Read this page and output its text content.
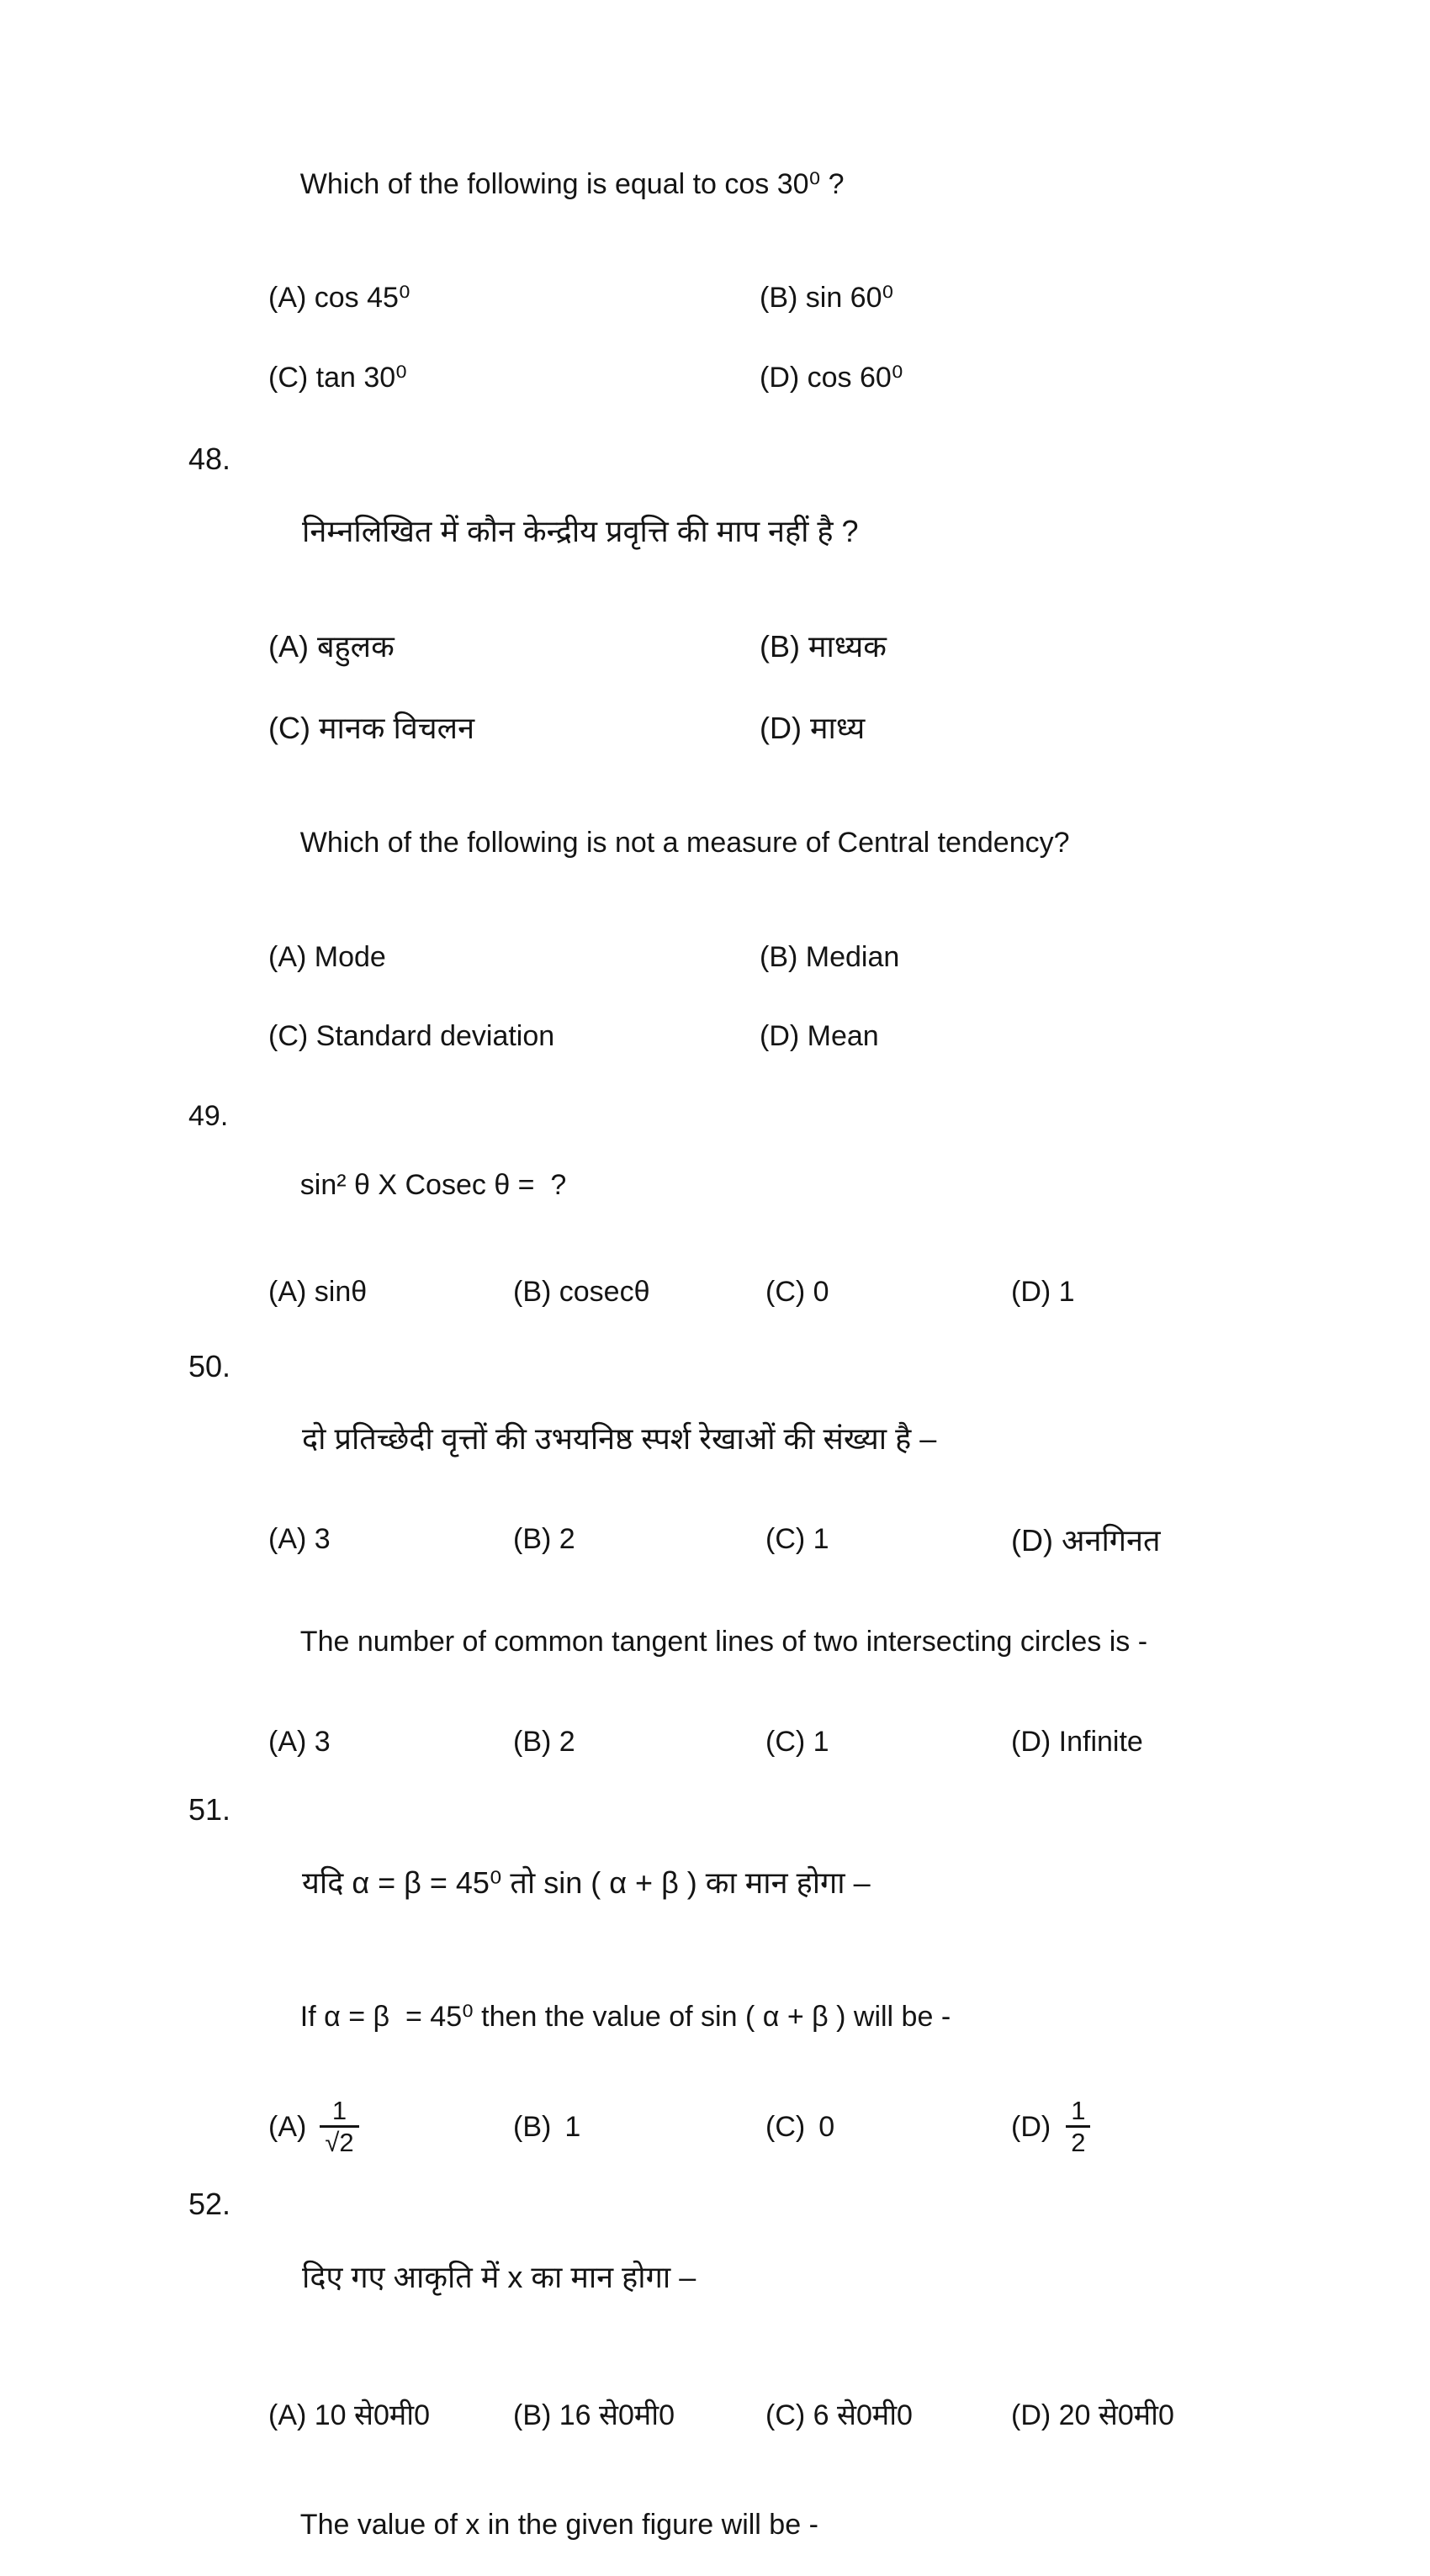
Which of the following is equal to cos 30⁰ ?

(A) cos 45⁰	(B) sin 60⁰
(C) tan 30⁰	(D) cos 60⁰

48.

निम्नलिखित में कौन केन्द्रीय प्रवृत्ति की माप नहीं है ?

(A) बहुलक	(B) माध्यक
(C) मानक विचलन	(D) माध्य

Which of the following is not a measure of Central tendency?

(A) Mode	(B) Median
(C) Standard deviation	(D) Mean

49.

sin² θ X Cosec θ =  ?

(A) sinθ	(B) cosecθ	(C) 0	(D) 1

50.

दो प्रतिच्छेदी वृत्तों की उभयनिष्ठ स्पर्श रेखाओं की संख्या है –

(A) 3	(B) 2	(C) 1	(D) अनगिनत

The number of common tangent lines of two intersecting circles is -

(A) 3	(B) 2	(C) 1	(D) Infinite

51.

यदि α = β = 45⁰ तो sin ( α + β ) का मान होगा –

If α = β  = 45⁰ then the value of sin ( α + β ) will be -

$(A) \frac{1}{√ 2}$	(B) 1	(C) 0	$(D) \frac{1}{2}$

52.

दिए गए आकृति में x का मान होगा –

(A) 10 से0मी0	(B) 16 से0मी0	(C) 6 से0मी0	(D) 20 से0मी0

The value of x in the given figure will be -
